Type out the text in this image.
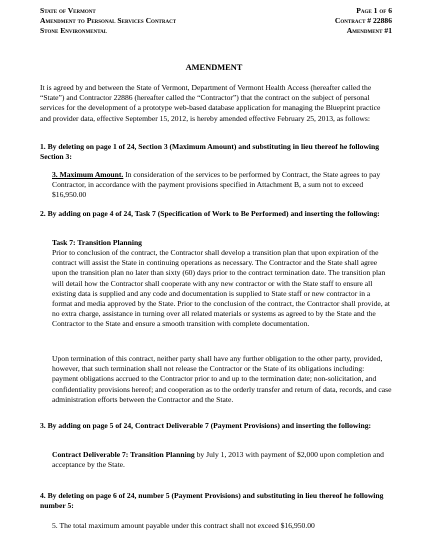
State of Vermont
Amendment to Personal Services Contract
Stone Environmental
Page 1 of 6
Contract # 22886
Amendment #1
AMENDMENT
It is agreed by and between the State of Vermont, Department of Vermont Health Access (hereafter called the “State”) and Contractor 22886 (hereafter called the “Contractor”) that the contract on the subject of personal services for the development of a prototype web-based database application for managing the Blueprint practice and provider data, effective September 15, 2012, is hereby amended effective February 25, 2013, as follows:
1. By deleting on page 1 of 24, Section 3 (Maximum Amount) and substituting in lieu thereof he following Section 3:
3. Maximum Amount. In consideration of the services to be performed by Contract, the State agrees to pay Contractor, in accordance with the payment provisions specified in Attachment B, a sum not to exceed $16,950.00
2. By adding on page 4 of 24, Task 7 (Specification of Work to Be Performed) and inserting the following:
Task 7: Transition Planning
Prior to conclusion of the contract, the Contractor shall develop a transition plan that upon expiration of the contract will assist the State in continuing operations as necessary. The Contractor and the State shall agree upon the transition plan no later than sixty (60) days prior to the contract termination date. The transition plan will detail how the Contractor shall cooperate with any new contractor or with the State staff to ensure all existing data is supplied and any code and documentation is supplied to State staff or new contractor in a format and media approved by the State. Prior to the conclusion of the contract, the Contractor shall provide, at no extra charge, assistance in turning over all related materials or systems as agreed to by the State and the Contractor to the State and ensure a smooth transition with complete documentation.
Upon termination of this contract, neither party shall have any further obligation to the other party, provided, however, that such termination shall not release the Contractor or the State of its obligations including: payment obligations accrued to the Contractor prior to and up to the termination date; non-solicitation, and confidentiality provisions hereof; and cooperation as to the orderly transfer and return of data, records, and case administration efforts between the Contractor and the State.
3. By adding on page 5 of 24, Contract Deliverable 7 (Payment Provisions) and inserting the following:
Contract Deliverable 7: Transition Planning by July 1, 2013 with payment of $2,000 upon completion and acceptance by the State.
4. By deleting on page 6 of 24, number 5 (Payment Provisions) and substituting in lieu thereof he following number 5:
5. The total maximum amount payable under this contract shall not exceed $16,950.00
